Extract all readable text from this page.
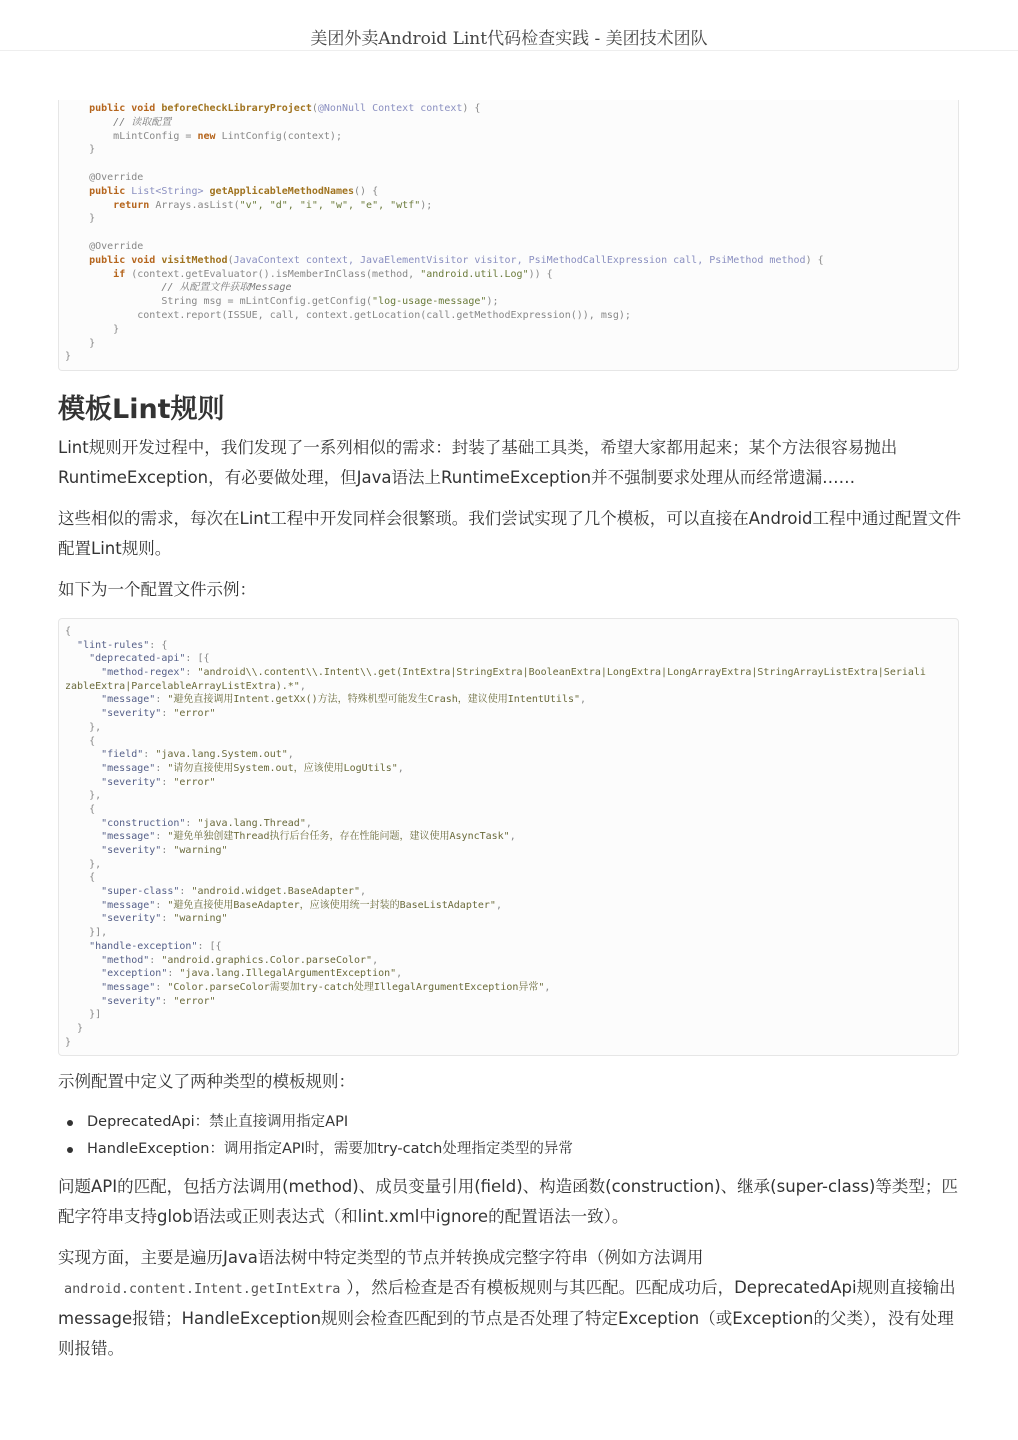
美团外卖Android Lint代码检查实践 - 美团技术团队
public void beforeCheckLibraryProject(@NonNull Context context) {
// 读取配置
mLintConfig = new LintConfig(context);
}
@Override
public List<String> getApplicableMethodNames() {
return Arrays.asList("v", "d", "i", "w", "e", "wtf");
}
@Override
public void visitMethod(JavaContext context, JavaElementVisitor visitor, PsiMethodCallExpression call, PsiMethod method) {
if (context.getEvaluator().isMemberInClass(method, "android.util.Log")) {
// 从配置文件获取Message
String msg = mLintConfig.getConfig("log-usage-message");
context.report(ISSUE, call, context.getLocation(call.getMethodExpression()), msg);
}
}
}
模板Lint规则

Lint规则开发过程中，我们发现了一系列相似的需求：封装了基础工具类，希望大家都用起来；某个方法很容易抛出RuntimeException，有必要做处理，但Java语法上RuntimeException并不强制要求处理从而经常遗漏……

这些相似的需求，每次在Lint工程中开发同样会很繁琐。我们尝试实现了几个模板，可以直接在Android工程中通过配置文件配置Lint规则。

如下为一个配置文件示例：

{
"lint-rules": {
"deprecated-api": [{
"method-regex": "android\\.content\\.Intent\\.get(IntExtra|StringExtra|BooleanExtra|LongExtra|LongArrayExtra|StringArrayListExtra|Seriali
zableExtra|ParcelableArrayListExtra).*",
"message": "避免直接调用Intent.getXx()方法，特殊机型可能发生Crash，建议使用IntentUtils",
"severity": "error"
},
{
"field": "java.lang.System.out",
"message": "请勿直接使用System.out，应该使用LogUtils",
"severity": "error"
},
{
"construction": "java.lang.Thread",
"message": "避免单独创建Thread执行后台任务，存在性能问题，建议使用AsyncTask",
"severity": "warning"
},
{
"super-class": "android.widget.BaseAdapter",
"message": "避免直接使用BaseAdapter，应该使用统一封装的BaseListAdapter",
"severity": "warning"
}],
"handle-exception": [{
"method": "android.graphics.Color.parseColor",
"exception": "java.lang.IllegalArgumentException",
"message": "Color.parseColor需要加try-catch处理IllegalArgumentException异常",
"severity": "error"
}]
}
}

示例配置中定义了两种类型的模板规则：

DeprecatedApi：禁止直接调用指定API
HandleException：调用指定API时，需要加try-catch处理指定类型的异常

问题API的匹配，包括方法调用(method)、成员变量引用(field)、构造函数(construction)、继承(super-class)等类型；匹配字符串支持glob语法或正则表达式（和lint.xml中ignore的配置语法一致）。

实现方面，主要是遍历Java语法树中特定类型的节点并转换成完整字符串（例如方法调用android.content.Intent.getIntExtra ），然后检查是否有模板规则与其匹配。匹配成功后，DeprecatedApi规则直接输出message报错；HandleException规则会检查匹配到的节点是否处理了特定Exception（或Exception的父类），没有处理则报错。
